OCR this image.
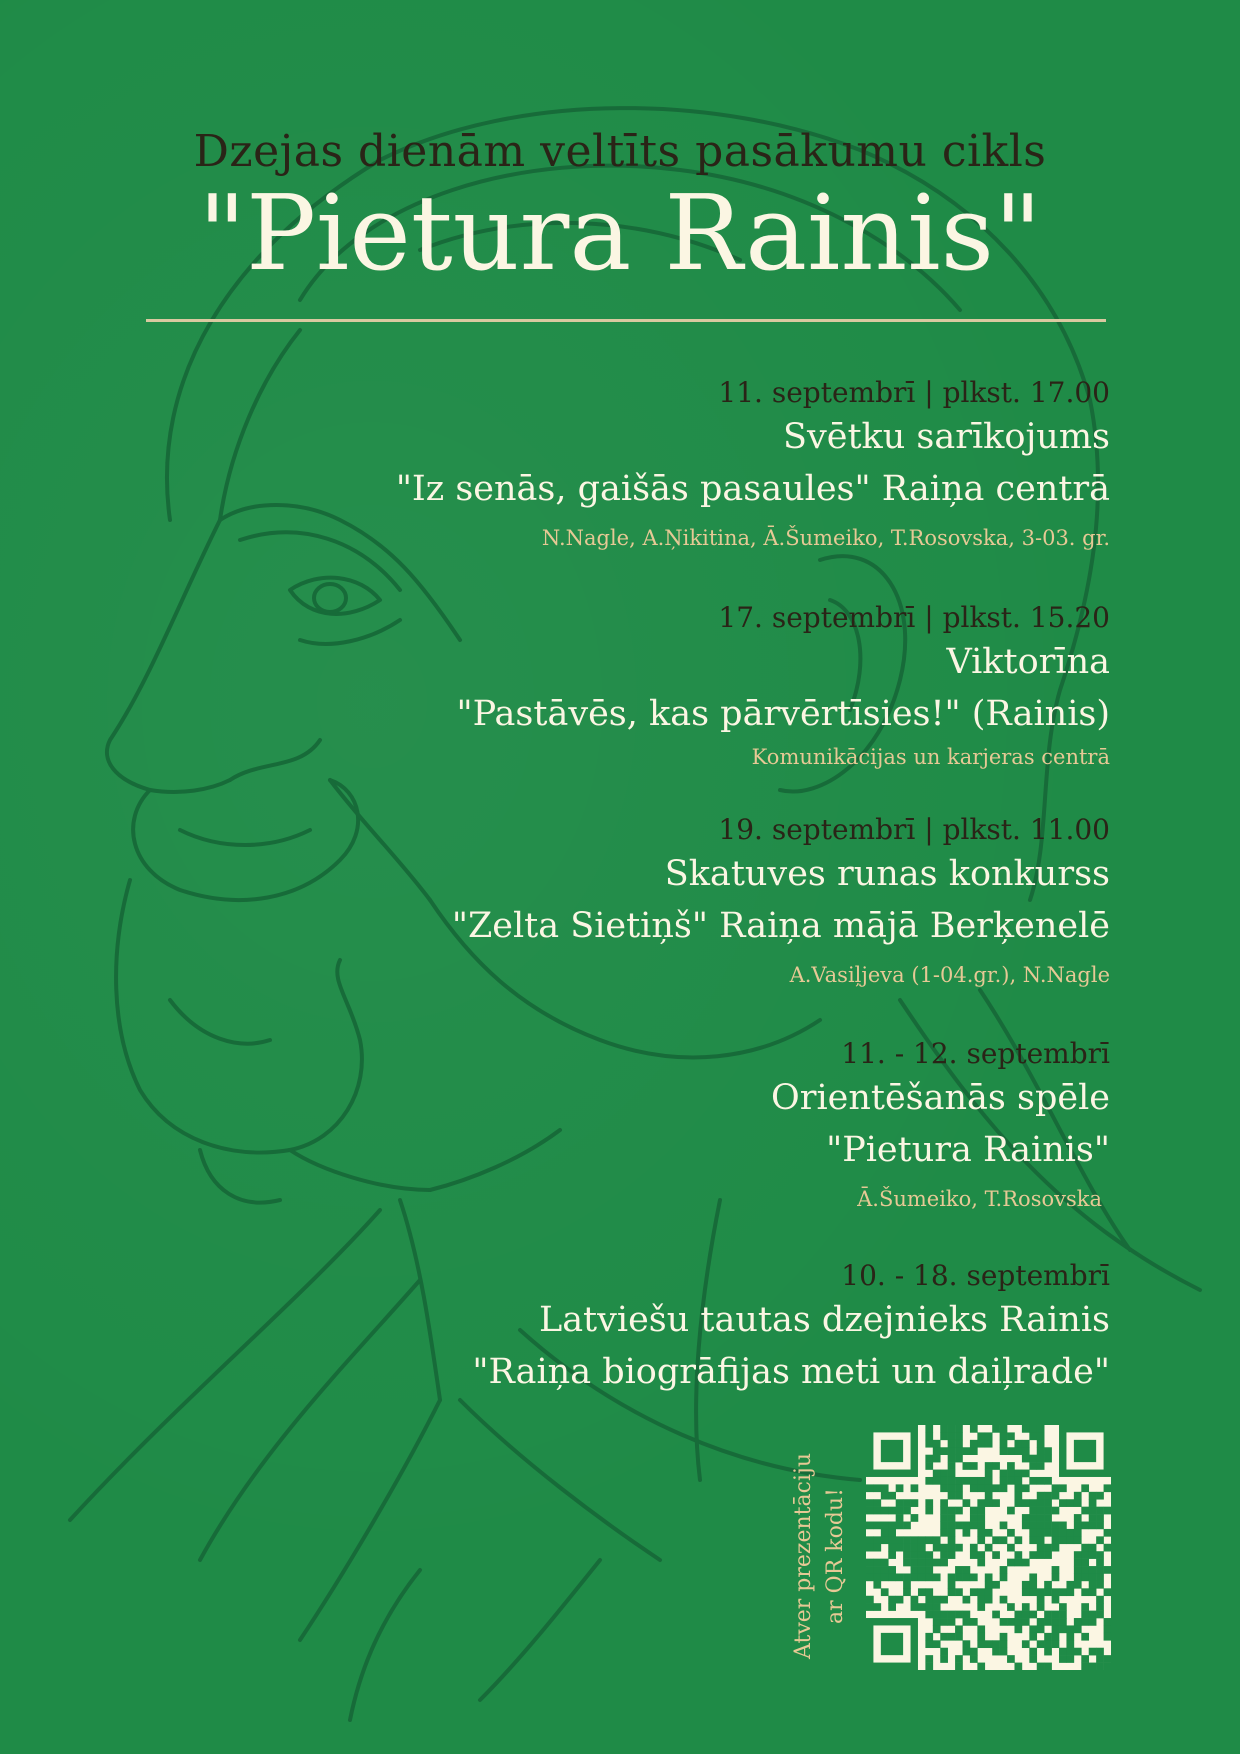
Dzejas dienām veltīts pasākumu cikls
"Pietura Rainis"
11. septembrī | plkst. 17.00
Svētku sarīkojums
"Iz senās, gaišās pasaules" Raiņa centrā
N.Nagle, A.Ņikitina, Ā.Šumeiko, T.Rosovska, 3-03. gr.
17. septembrī | plkst. 15.20
Viktorīna
"Pastāvēs, kas pārvērtīsies!" (Rainis)
Komunikācijas un karjeras centrā
19. septembrī | plkst. 11.00
Skatuves runas konkurss
"Zelta Sietiņš" Raiņa mājā Berķenelē
A.Vasiļjeva (1-04.gr.), N.Nagle
11. - 12. septembrī
Orientēšanās spēle
"Pietura Rainis"
Ā.Šumeiko, T.Rosovska
10. - 18. septembrī
Latviešu tautas dzejnieks Rainis
"Raiņa biogrāfijas meti un daiļrade"
Atver prezentāciju ar QR kodu!
